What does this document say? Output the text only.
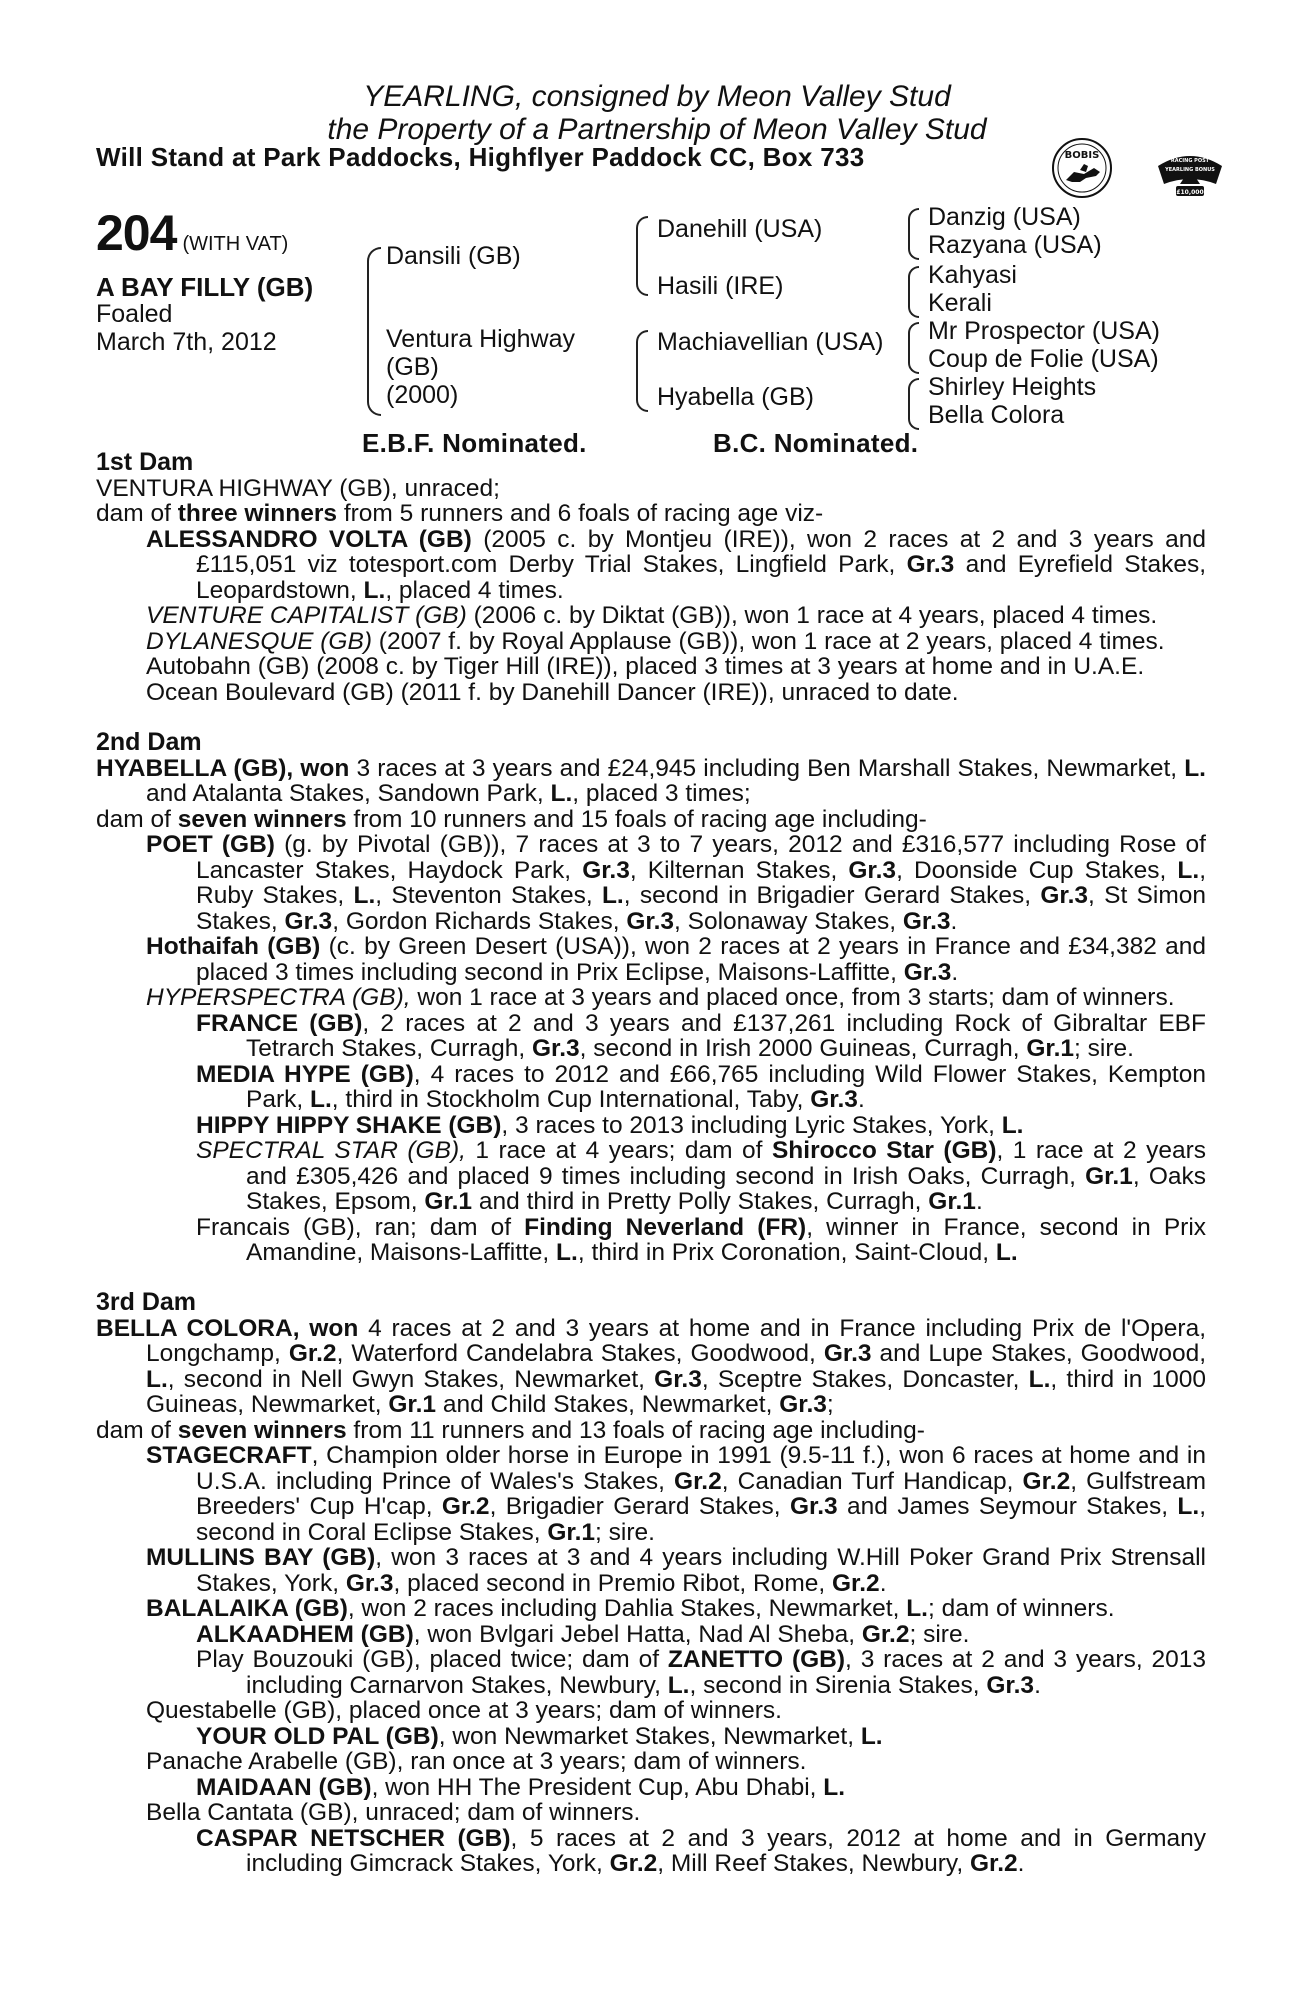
YEARLING, consigned by Meon Valley Stud
the Property of a Partnership of Meon Valley Stud
Will Stand at Park Paddocks, Highflyer Paddock CC, Box 733	BOBIS	RACING POST
YEARLING BONUS
£10,000
204 (WITH VAT)
A BAY FILLY (GB)
Foaled
March 7th, 2012
Dansili (GB)
Ventura Highway
(GB)
(2000)
Danehill (USA)
Hasili (IRE)
Machiavellian (USA)
Hyabella (GB)
Danzig (USA)
Razyana (USA)
Kahyasi
Kerali
Mr Prospector (USA)
Coup de Folie (USA)
Shirley Heights
Bella Colora
E.B.F. Nominated.	B.C. Nominated.

1st Dam

VENTURA HIGHWAY (GB), unraced;

dam of three winners from 5 runners and 6 foals of racing age viz-

ALESSANDRO VOLTA (GB) (2005 c. by Montjeu (IRE)), won 2 races at 2 and 3 years and £115,051 viz totesport.com Derby Trial Stakes, Lingfield Park, Gr.3 and Eyrefield Stakes, Leopardstown, L., placed 4 times.

VENTURE CAPITALIST (GB) (2006 c. by Diktat (GB)), won 1 race at 4 years, placed 4 times.

DYLANESQUE (GB) (2007 f. by Royal Applause (GB)), won 1 race at 2 years, placed 4 times.

Autobahn (GB) (2008 c. by Tiger Hill (IRE)), placed 3 times at 3 years at home and in U.A.E.

Ocean Boulevard (GB) (2011 f. by Danehill Dancer (IRE)), unraced to date.

2nd Dam

HYABELLA (GB), won 3 races at 3 years and £24,945 including Ben Marshall Stakes, Newmarket, L. and Atalanta Stakes, Sandown Park, L., placed 3 times;

dam of seven winners from 10 runners and 15 foals of racing age including-

POET (GB) (g. by Pivotal (GB)), 7 races at 3 to 7 years, 2012 and £316,577 including Rose of Lancaster Stakes, Haydock Park, Gr.3, Kilternan Stakes, Gr.3, Doonside Cup Stakes, L., Ruby Stakes, L., Steventon Stakes, L., second in Brigadier Gerard Stakes, Gr.3, St Simon Stakes, Gr.3, Gordon Richards Stakes, Gr.3, Solonaway Stakes, Gr.3.

Hothaifah (GB) (c. by Green Desert (USA)), won 2 races at 2 years in France and £34,382 and placed 3 times including second in Prix Eclipse, Maisons-Laffitte, Gr.3.

HYPERSPECTRA (GB), won 1 race at 3 years and placed once, from 3 starts; dam of winners.

FRANCE (GB), 2 races at 2 and 3 years and £137,261 including Rock of Gibraltar EBF Tetrarch Stakes, Curragh, Gr.3, second in Irish 2000 Guineas, Curragh, Gr.1; sire.

MEDIA HYPE (GB), 4 races to 2012 and £66,765 including Wild Flower Stakes, Kempton Park, L., third in Stockholm Cup International, Taby, Gr.3.

HIPPY HIPPY SHAKE (GB), 3 races to 2013 including Lyric Stakes, York, L.

SPECTRAL STAR (GB), 1 race at 4 years; dam of Shirocco Star (GB), 1 race at 2 years and £305,426 and placed 9 times including second in Irish Oaks, Curragh, Gr.1, Oaks Stakes, Epsom, Gr.1 and third in Pretty Polly Stakes, Curragh, Gr.1.

Francais (GB), ran; dam of Finding Neverland (FR), winner in France, second in Prix Amandine, Maisons-Laffitte, L., third in Prix Coronation, Saint-Cloud, L.

3rd Dam

BELLA COLORA, won 4 races at 2 and 3 years at home and in France including Prix de l'Opera, Longchamp, Gr.2, Waterford Candelabra Stakes, Goodwood, Gr.3 and Lupe Stakes, Goodwood, L., second in Nell Gwyn Stakes, Newmarket, Gr.3, Sceptre Stakes, Doncaster, L., third in 1000 Guineas, Newmarket, Gr.1 and Child Stakes, Newmarket, Gr.3;

dam of seven winners from 11 runners and 13 foals of racing age including-

STAGECRAFT, Champion older horse in Europe in 1991 (9.5-11 f.), won 6 races at home and in U.S.A. including Prince of Wales's Stakes, Gr.2, Canadian Turf Handicap, Gr.2, Gulfstream Breeders' Cup H'cap, Gr.2, Brigadier Gerard Stakes, Gr.3 and James Seymour Stakes, L., second in Coral Eclipse Stakes, Gr.1; sire.

MULLINS BAY (GB), won 3 races at 3 and 4 years including W.Hill Poker Grand Prix Strensall Stakes, York, Gr.3, placed second in Premio Ribot, Rome, Gr.2.

BALALAIKA (GB), won 2 races including Dahlia Stakes, Newmarket, L.; dam of winners.

ALKAADHEM (GB), won Bvlgari Jebel Hatta, Nad Al Sheba, Gr.2; sire.

Play Bouzouki (GB), placed twice; dam of ZANETTO (GB), 3 races at 2 and 3 years, 2013 including Carnarvon Stakes, Newbury, L., second in Sirenia Stakes, Gr.3.

Questabelle (GB), placed once at 3 years; dam of winners.

YOUR OLD PAL (GB), won Newmarket Stakes, Newmarket, L.

Panache Arabelle (GB), ran once at 3 years; dam of winners.

MAIDAAN (GB), won HH The President Cup, Abu Dhabi, L.

Bella Cantata (GB), unraced; dam of winners.

CASPAR NETSCHER (GB), 5 races at 2 and 3 years, 2012 at home and in Germany including Gimcrack Stakes, York, Gr.2, Mill Reef Stakes, Newbury, Gr.2.
